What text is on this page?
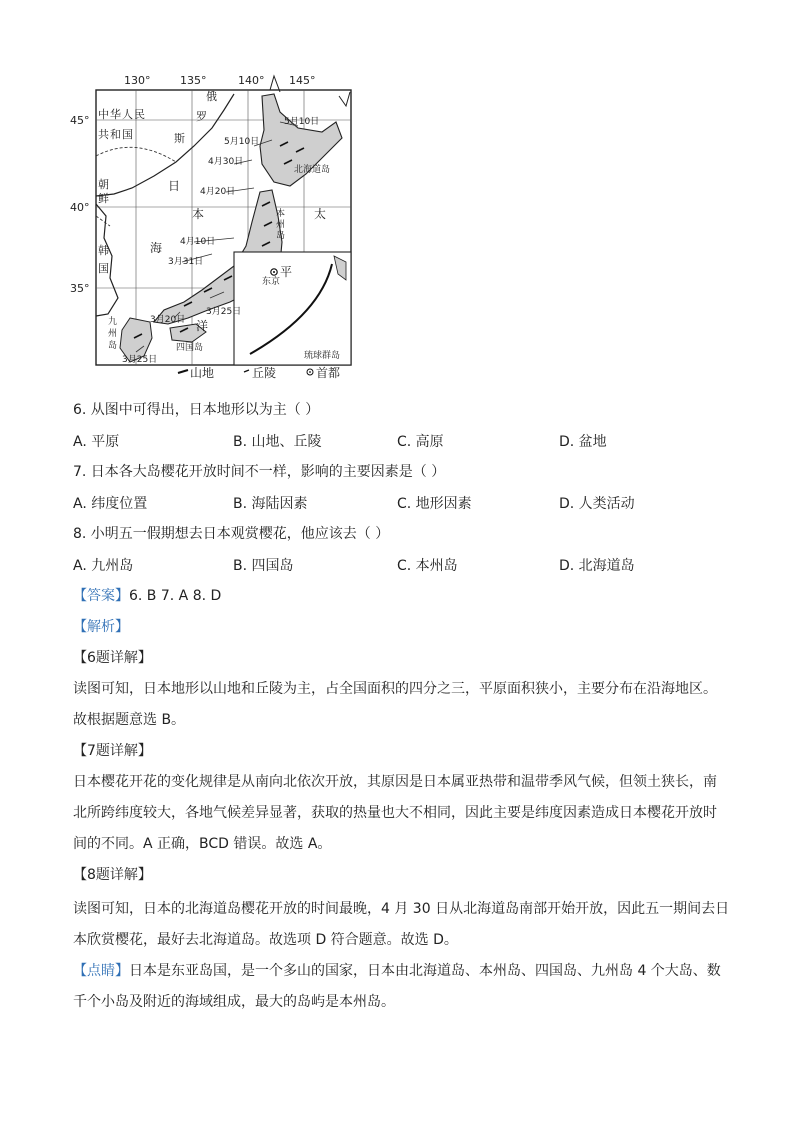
130°	135°	140° 145°
45°
40°
35°
琉球群岛
中 华 人 民
共 和 国
俄
罗
斯
朝
鲜
韩
国
日
本
海
太
平
洋
北海道岛
本
州
岛
四国岛
九
州
岛
东京
5月10日
5月10日
4月30日
4月20日
4月10日
3月31日
3月25日
3月20日
3月25日
山地	丘陵	首都
6. 从图中可得出，日本地形以为主（ ）
A. 平原	B. 山地、丘陵	C. 高原	D. 盆地
7. 日本各大岛樱花开放时间不一样，影响的主要因素是（ ）
A. 纬度位置	B. 海陆因素	C. 地形因素	D. 人类活动
8. 小明五一假期想去日本观赏樱花，他应该去（ ）
A. 九州岛	B. 四国岛	C. 本州岛	D. 北海道岛
【答案】6. B 7. A 8. D
【解析】
【6题详解】
读图可知，日本地形以山地和丘陵为主，占全国面积的四分之三，平原面积狭小，主要分布在沿海地区。
故根据题意选 B。
【7题详解】
日本樱花开花的变化规律是从南向北依次开放，其原因是日本属亚热带和温带季风气候，但领土狭长，南
北所跨纬度较大，各地气候差异显著，获取的热量也大不相同，因此主要是纬度因素造成日本樱花开放时
间的不同。A 正确，BCD 错误。故选 A。
【8题详解】
读图可知，日本的北海道岛樱花开放的时间最晚，4 月 30 日从北海道岛南部开始开放，因此五一期间去日
本欣赏樱花，最好去北海道岛。故选项 D 符合题意。故选 D。
【点睛】日本是东亚岛国，是一个多山的国家，日本由北海道岛、本州岛、四国岛、九州岛 4 个大岛、数
千个小岛及附近的海域组成，最大的岛屿是本州岛。
